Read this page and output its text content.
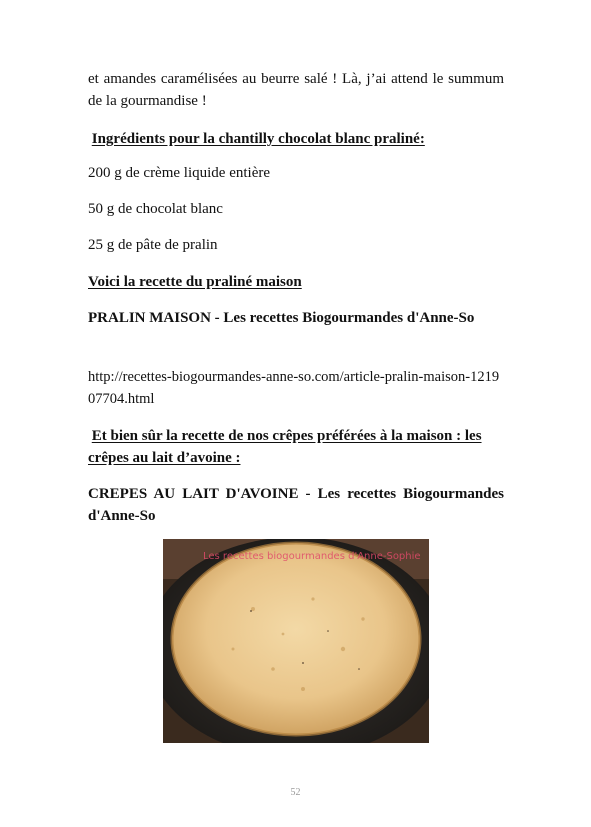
et amandes caramélisées au beurre salé ! Là, j’ai attend le summum de la gourmandise !

Ingrédients pour la chantilly chocolat blanc praliné:

200 g de crème liquide entière

50 g de chocolat blanc

25 g de pâte de pralin

Voici la recette du praliné maison

PRALIN MAISON - Les recettes Biogourmandes d'Anne-So

http://recettes-biogourmandes-anne-so.com/article-pralin-maison-121907704.html

Et bien sûr la recette de nos crêpes préférées à la maison : les crêpes au lait d’avoine :

CREPES AU LAIT D'AVOINE - Les recettes Biogourmandes d'Anne-So

Les recettes biogourmandes d'Anne-Sophie
52
